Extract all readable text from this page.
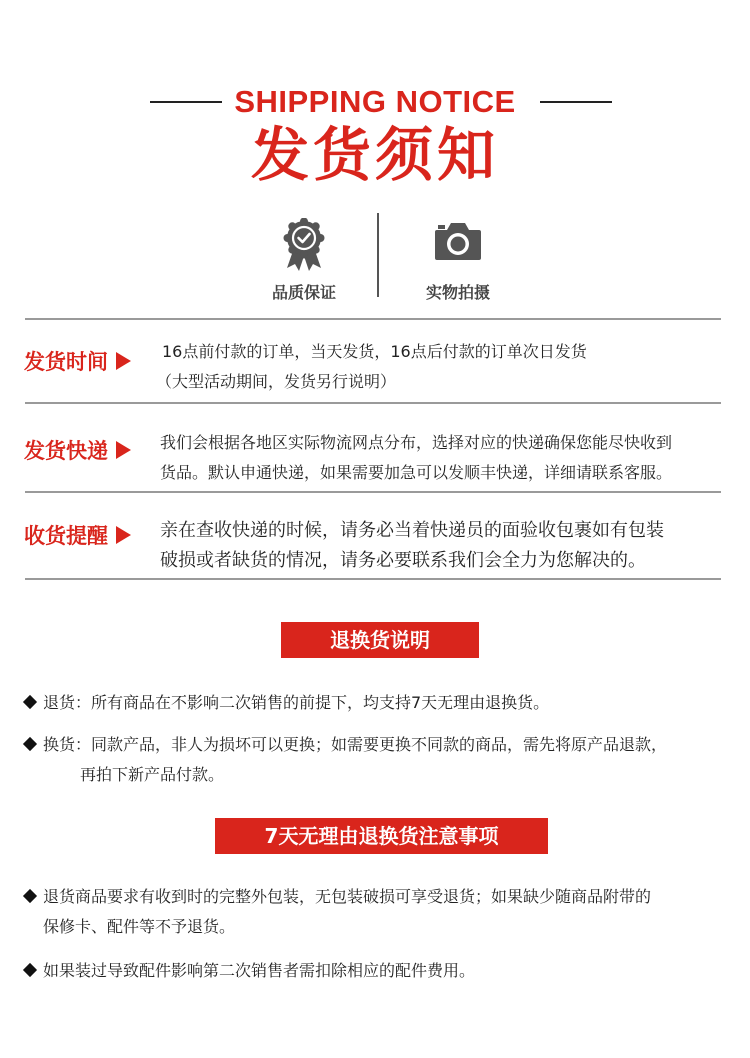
SHIPPING NOTICE
发货须知
品质保证	实物拍摄
发货时间	16点前付款的订单，当天发货，16点后付款的订单次日发货
（大型活动期间，发货另行说明）
发货快递	我们会根据各地区实际物流网点分布，选择对应的快递确保您能尽快收到
货品。默认申通快递，如果需要加急可以发顺丰快递，详细请联系客服。
收货提醒	亲在查收快递的时候，请务必当着快递员的面验收包裹如有包装
破损或者缺货的情况，请务必要联系我们会全力为您解决的。
退换货说明
退货：所有商品在不影响二次销售的前提下，均支持7天无理由退换货。
换货：同款产品，非人为损坏可以更换；如需要更换不同款的商品，需先将原产品退款，
再拍下新产品付款。
7天无理由退换货注意事项
退货商品要求有收到时的完整外包装，无包装破损可享受退货；如果缺少随商品附带的
保修卡、配件等不予退货。
如果装过导致配件影响第二次销售者需扣除相应的配件费用。
